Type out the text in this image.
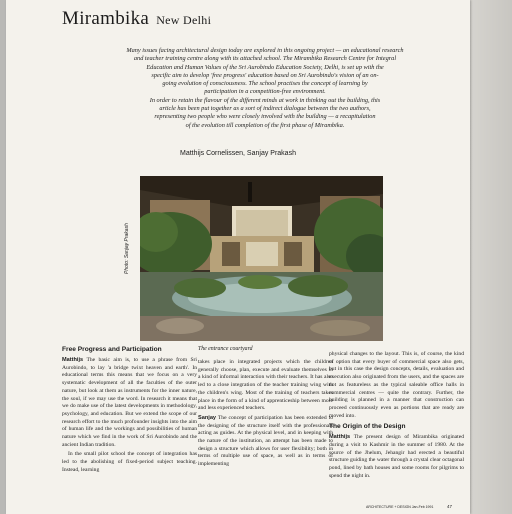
Mirambika New Delhi
Many issues facing architectural design today are explored in this ongoing project — an educational research
and teacher training centre along with its attached school. The Mirambika Research Centre for Integral
Education and Human Values of the Sri Aurobindo Education Society, Delhi, is set up with the
specific aim to develop 'free progress' education based on Sri Aurobindo's vision of an on-
going evolution of consciousness. The school practises the concept of learning by
participation in a competition-free environment.
In order to retain the flavour of the different minds at work in thinking out the building, this
article has been put together as a sort of indirect dialogue between the two authors,
representing two people who were closely involved with the building — a recapitulation
of the evolution till completion of the first phase of Mirambika.
Matthijs Cornelissen, Sanjay Prakash
Photo: Sanjay Prakash
The entrance courtyard
Free Progress and Participation

Matthijs The basic aim is, to use a phrase from Sri Aurobindo, to lay 'a bridge twixt heaven and earth'. In educational terms this means that we focus on a very systematic development of all the faculties of the outer nature, but look at them as instruments for the inner nature, the soul, if we may use the word. In research it means that we do make use of the latest developments in methodology, psychology, and education. But we extend the scope of our research effort to the much profounder insights into the aim of human life and the workings and possibilities of human nature which we find in the work of Sri Aurobindo and the ancient Indian tradition.

In the small pilot school the concept of integration has led to the abolishing of fixed-period subject teaching. Instead, learning

takes place in integrated projects which the children generally choose, plan, execute and evaluate themselves in a kind of informal interaction with their teachers. It has also led to a close integration of the teacher training wing with the children's wing. Most of the training of teachers takes place in the form of a kind of apprenticeship between more and less experienced teachers.

Sanjay The concept of participation has been extended to the designing of the structure itself with the professionals acting as guides. At the physical level, and in keeping with the nature of the institution, an attempt has been made to design a structure which allows for user flexibility; both in terms of multiple use of space, as well as in terms of implementing

physical changes to the layout. This is, of course, the kind of option that every buyer of commercial space also gets, but in this case the design concepts, details, evaluation and execution also originated from the users, and the spaces are not as featureless as the typical saleable office halls in commercial centres — quite the contrary. Further, the building is planned in a manner that construction can proceed continuously even as portions that are ready are moved into.

The Origin of the Design

Matthijs The present design of Mirambika originated during a visit to Kashmir in the summer of 1980. At the source of the Jhelum, Jehangir had erected a beautiful structure guiding the water through a crystal clear octagonal pond, lined by bath houses and some rooms for pilgrims to spend the night in.

ARCHITECTURE + DESIGN Jan-Feb 1991	47
